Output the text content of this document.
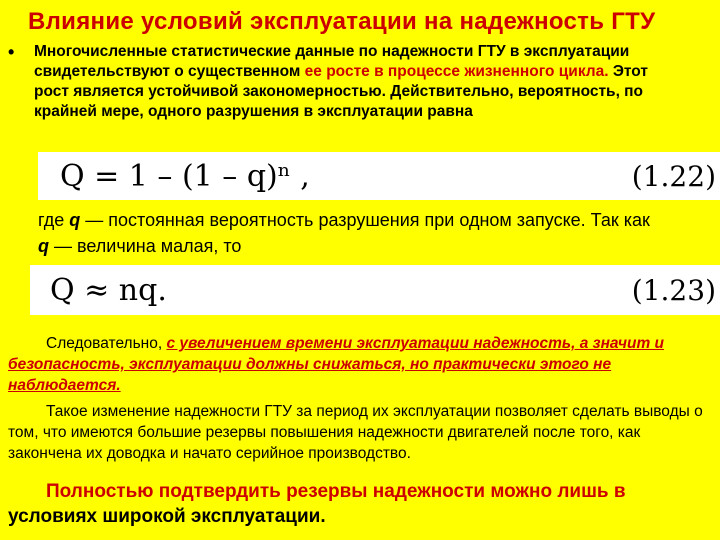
Влияние условий эксплуатации на надежность ГТУ
•	Многочисленные статистические данные по надежности ГТУ в эксплуатации свидетельствуют о существенном ее росте в процессе жизненного цикла. Этот рост является устойчивой закономерностью. Действительно, вероятность, по крайней мере, одного разрушения в эксплуатации равна
Q = 1 – (1 – q)ⁿ ,	(1.22)
где q — постоянная вероятность разрушения при одном запуске. Так как q — величина малая, то
Q ≈ nq.	(1.23)
Следовательно, с увеличением времени эксплуатации надежность, а значит и безопасность, эксплуатации должны снижаться, но практически этого не наблюдается.
Такое изменение надежности ГТУ за период их эксплуатации позволяет сделать выводы о том, что имеются большие резервы повышения надежности двигателей после того, как закончена их доводка и начато серийное производство.
Полностью подтвердить резервы надежности можно лишь в условиях широкой эксплуатации.
